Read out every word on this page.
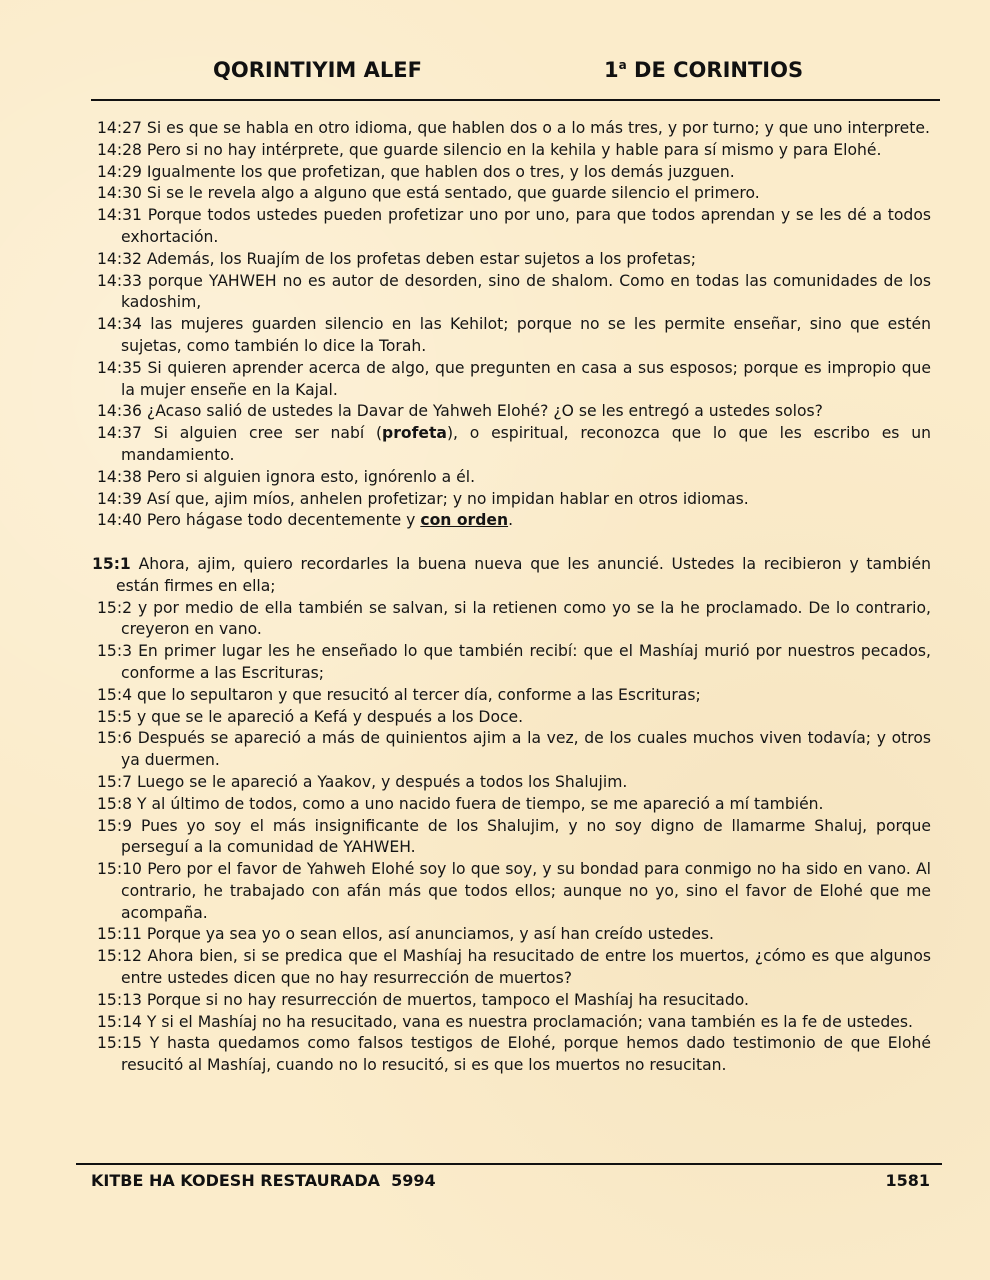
QORINTIYIM ALEF	1$^a$ DE CORINTIOS
14:27 Si es que se habla en otro idioma, que hablen dos o a lo más tres, y por turno; y que uno interprete.
14:28 Pero si no hay intérprete, que guarde silencio en la kehila y hable para sí mismo y para Elohé.
14:29 Igualmente los que profetizan, que hablen dos o tres, y los demás juzguen.
14:30 Si se le revela algo a alguno que está sentado, que guarde silencio el primero.
14:31 Porque todos ustedes pueden profetizar uno por uno, para que todos aprendan y se les dé a todos exhortación.
14:32 Además, los Ruajím de los profetas deben estar sujetos a los profetas;
14:33 porque YAHWEH no es autor de desorden, sino de shalom. Como en todas las comunidades de los kadoshim,
14:34 las mujeres guarden silencio en las Kehilot; porque no se les permite enseñar, sino que estén sujetas, como también lo dice la Torah.
14:35 Si quieren aprender acerca de algo, que pregunten en casa a sus esposos; porque es impropio que la mujer enseñe en la Kajal.
14:36 ¿Acaso salió de ustedes la Davar de Yahweh Elohé? ¿O se les entregó a ustedes solos?
14:37 Si alguien cree ser nabí (profeta), o espiritual, reconozca que lo que les escribo es un mandamiento.
14:38 Pero si alguien ignora esto, ignórenlo a él.
14:39 Así que, ajim míos, anhelen profetizar; y no impidan hablar en otros idiomas.
14:40 Pero hágase todo decentemente y con orden.
15:1 Ahora, ajim, quiero recordarles la buena nueva que les anuncié. Ustedes la recibieron y también están firmes en ella;
15:2 y por medio de ella también se salvan, si la retienen como yo se la he proclamado. De lo contrario, creyeron en vano.
15:3 En primer lugar les he enseñado lo que también recibí: que el Mashíaj murió por nuestros pecados, conforme a las Escrituras;
15:4 que lo sepultaron y que resucitó al tercer día, conforme a las Escrituras;
15:5 y que se le apareció a Kefá y después a los Doce.
15:6 Después se apareció a más de quinientos ajim a la vez, de los cuales muchos viven todavía; y otros ya duermen.
15:7 Luego se le apareció a Yaakov, y después a todos los Shalujim.
15:8 Y al último de todos, como a uno nacido fuera de tiempo, se me apareció a mí también.
15:9 Pues yo soy el más insignificante de los Shalujim, y no soy digno de llamarme Shaluj, porque perseguí a la comunidad de YAHWEH.
15:10 Pero por el favor de Yahweh Elohé soy lo que soy, y su bondad para conmigo no ha sido en vano. Al contrario, he trabajado con afán más que todos ellos; aunque no yo, sino el favor de Elohé que me acompaña.
15:11 Porque ya sea yo o sean ellos, así anunciamos, y así han creído ustedes.
15:12 Ahora bien, si se predica que el Mashíaj ha resucitado de entre los muertos, ¿cómo es que algunos entre ustedes dicen que no hay resurrección de muertos?
15:13 Porque si no hay resurrección de muertos, tampoco el Mashíaj ha resucitado.
15:14 Y si el Mashíaj no ha resucitado, vana es nuestra proclamación; vana también es la fe de ustedes.
15:15 Y hasta quedamos como falsos testigos de Elohé, porque hemos dado testimonio de que Elohé resucitó al Mashíaj, cuando no lo resucitó, si es que los muertos no resucitan.
KITBE HA KODESH RESTAURADA  5994	1581
